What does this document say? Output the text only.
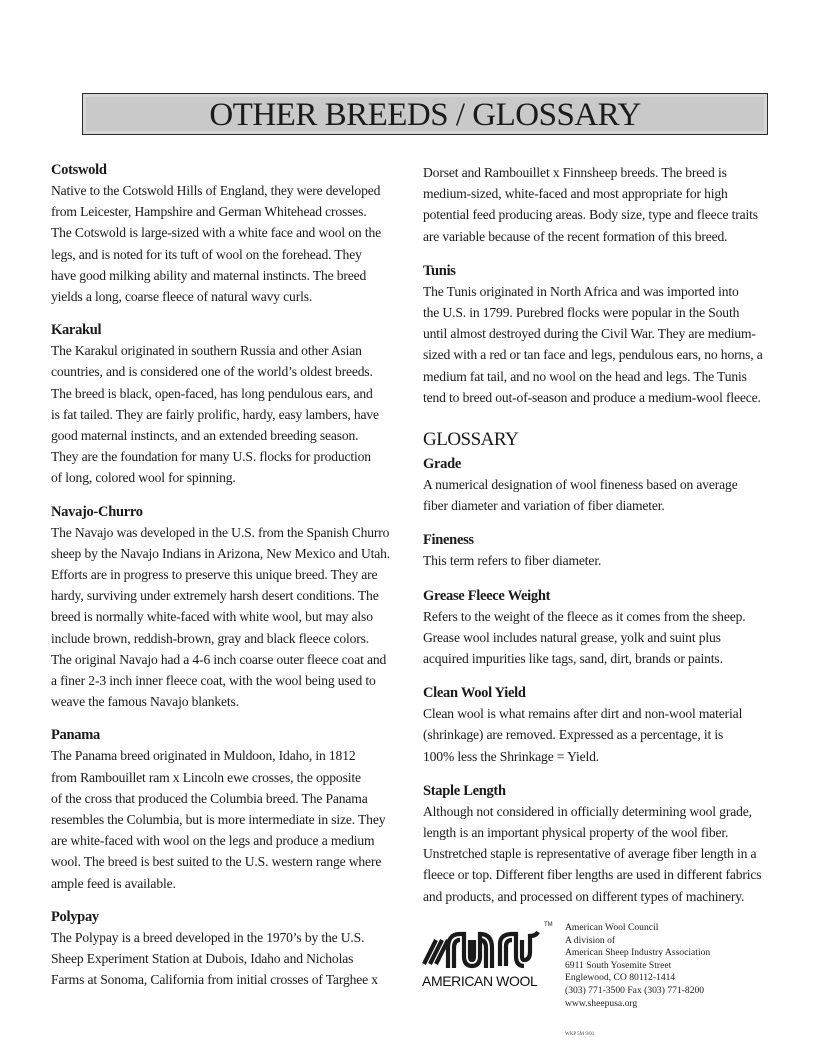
OTHER BREEDS / GLOSSARY
Cotswold

Native to the Cotswold Hills of England, they were developed
from Leicester, Hampshire and German Whitehead crosses.
The Cotswold is large-sized with a white face and wool on the
legs, and is noted for its tuft of wool on the forehead. They
have good milking ability and maternal instincts. The breed
yields a long, coarse fleece of natural wavy curls.

Karakul

The Karakul originated in southern Russia and other Asian
countries, and is considered one of the world’s oldest breeds.
The breed is black, open-faced, has long pendulous ears, and
is fat tailed. They are fairly prolific, hardy, easy lambers, have
good maternal instincts, and an extended breeding season.
They are the foundation for many U.S. flocks for production
of long, colored wool for spinning.

Navajo-Churro

The Navajo was developed in the U.S. from the Spanish Churro
sheep by the Navajo Indians in Arizona, New Mexico and Utah.
Efforts are in progress to preserve this unique breed. They are
hardy, surviving under extremely harsh desert conditions. The
breed is normally white-faced with white wool, but may also
include brown, reddish-brown, gray and black fleece colors.
The original Navajo had a 4-6 inch coarse outer fleece coat and
a finer 2-3 inch inner fleece coat, with the wool being used to
weave the famous Navajo blankets.

Panama

The Panama breed originated in Muldoon, Idaho, in 1812
from Rambouillet ram x Lincoln ewe crosses, the opposite
of the cross that produced the Columbia breed. The Panama
resembles the Columbia, but is more intermediate in size. They
are white-faced with wool on the legs and produce a medium
wool. The breed is best suited to the U.S. western range where
ample feed is available.

Polypay

The Polypay is a breed developed in the 1970’s by the U.S.
Sheep Experiment Station at Dubois, Idaho and Nicholas
Farms at Sonoma, California from initial crosses of Targhee x

Dorset and Rambouillet x Finnsheep breeds. The breed is
medium-sized, white-faced and most appropriate for high
potential feed producing areas. Body size, type and fleece traits
are variable because of the recent formation of this breed.

Tunis

The Tunis originated in North Africa and was imported into
the U.S. in 1799. Purebred flocks were popular in the South
until almost destroyed during the Civil War. They are medium-
sized with a red or tan face and legs, pendulous ears, no horns, a
medium fat tail, and no wool on the head and legs. The Tunis
tend to breed out-of-season and produce a medium-wool fleece.

GLOSSARY
Grade

A numerical designation of wool fineness based on average
fiber diameter and variation of fiber diameter.

Fineness

This term refers to fiber diameter.

Grease Fleece Weight

Refers to the weight of the fleece as it comes from the sheep.
Grease wool includes natural grease, yolk and suint plus
acquired impurities like tags, sand, dirt, brands or paints.

Clean Wool Yield

Clean wool is what remains after dirt and non-wool material
(shrinkage) are removed. Expressed as a percentage, it is
100% less the Shrinkage = Yield.

Staple Length

Although not considered in officially determining wool grade,
length is an important physical property of the wool fiber.
Unstretched staple is representative of average fiber length in a
fleece or top. Different fiber lengths are used in different fabrics
and products, and processed on different types of machinery.

AMERICAN WOOL
TM American Wool Council
A division of
American Sheep Industry Association
6911 South Yosemite Street
Englewood, CO 80112-1414
(303) 771-3500 Fax (303) 771-8200
www.sheepusa.org
WKP 5M 9/01
